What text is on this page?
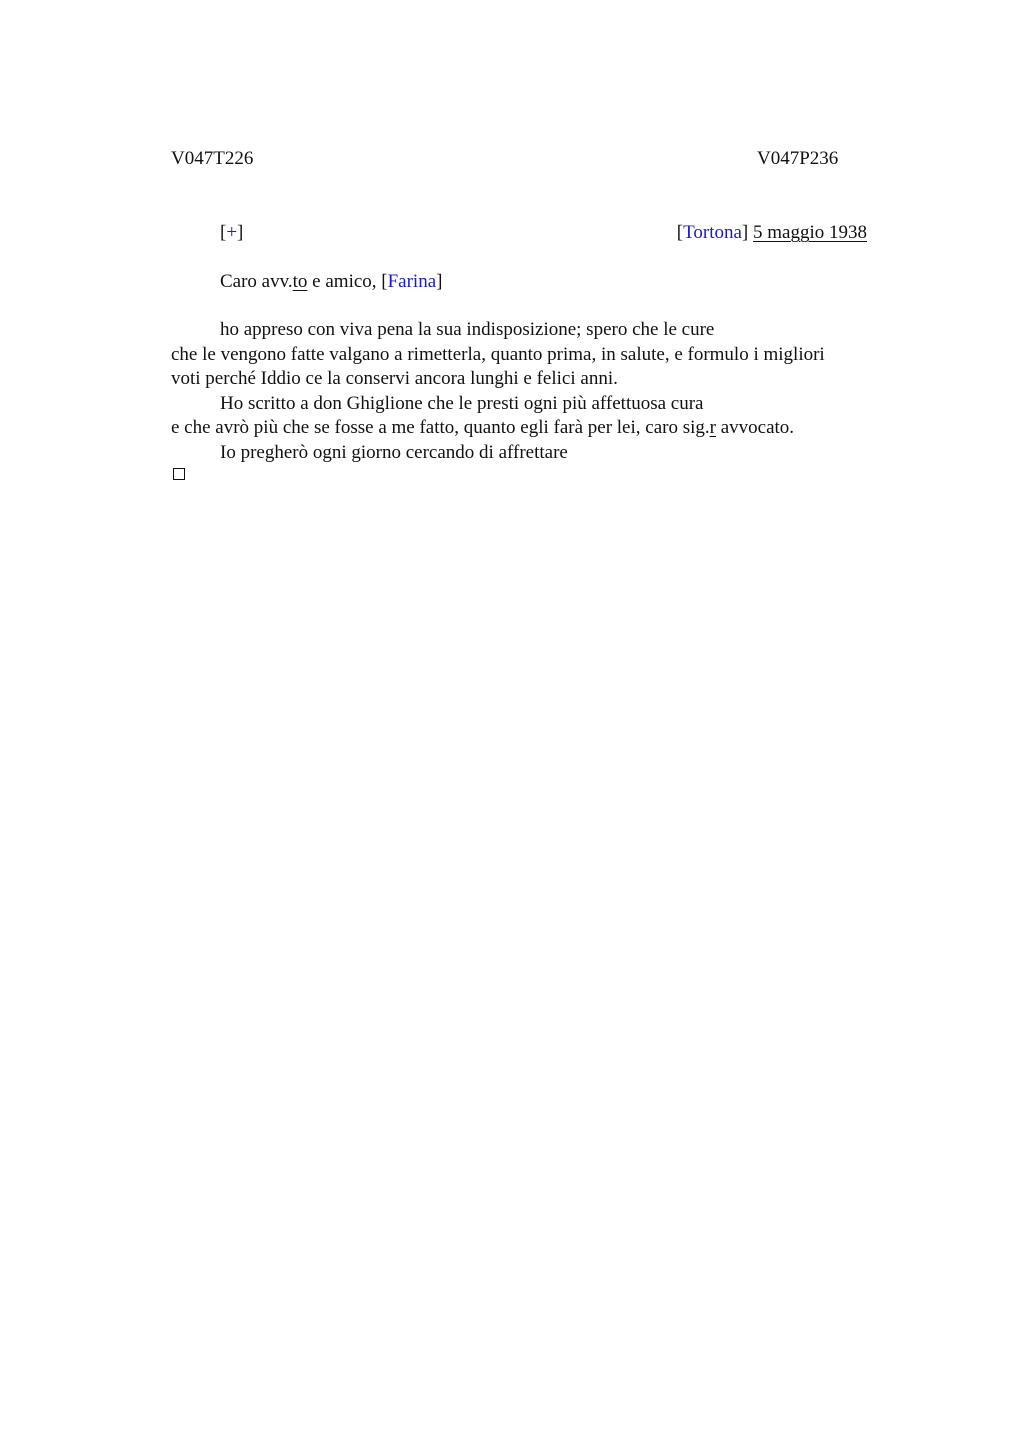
V047T226	V047P236
[+]	[Tortona] 5 maggio 1938
Caro avv.to e amico, [Farina]
ho appreso con viva pena la sua indisposizione; spero che le cure
che le vengono fatte valgano a rimetterla, quanto prima, in salute, e formulo i migliori
voti perché Iddio ce la conservi ancora lunghi e felici anni.
Ho scritto a don Ghiglione che le presti ogni più affettuosa cura
e che avrò più che se fosse a me fatto, quanto egli farà per lei, caro sig.r avvocato.
Io pregherò ogni giorno cercando di affrettare
